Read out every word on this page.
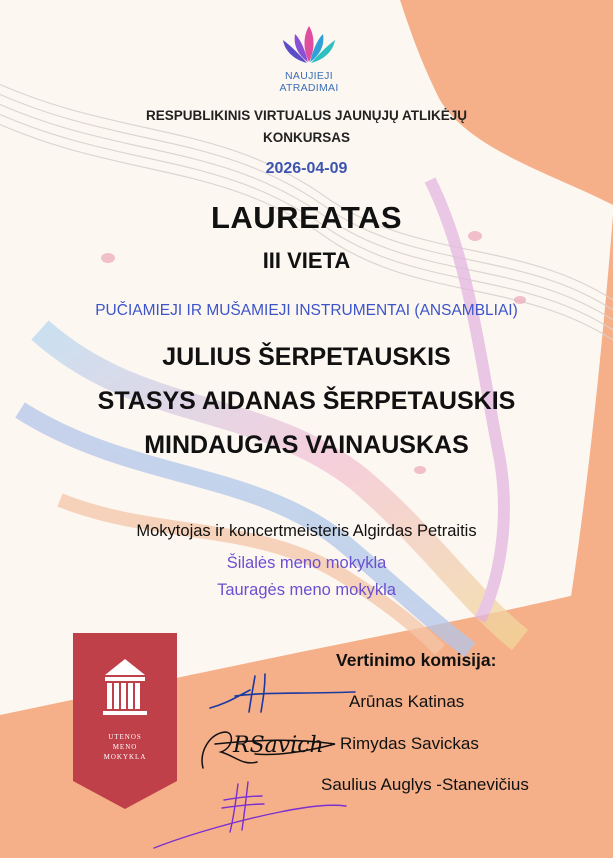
NAUJIEJI ATRADIMAI
RESPUBLIKINIS VIRTUALUS JAUNŲJŲ ATLIKĖJŲ
KONKURSAS
2026-04-09
LAUREATAS
III VIETA
PUČIAMIEJI IR MUŠAMIEJI INSTRUMENTAI (ANSAMBLIAI)
JULIUS ŠERPETAUSKIS
STASYS AIDANAS ŠERPETAUSKIS
MINDAUGAS VAINAUSKAS
Mokytojas ir koncertmeisteris Algirdas Petraitis
Šilalės meno mokykla
Tauragės meno mokykla
UTENOS
MENO
MOKYKLA
Vertinimo komisija:
Arūnas Katinas
Rimydas Savickas
Saulius Auglys -Stanevičius
RSavich
